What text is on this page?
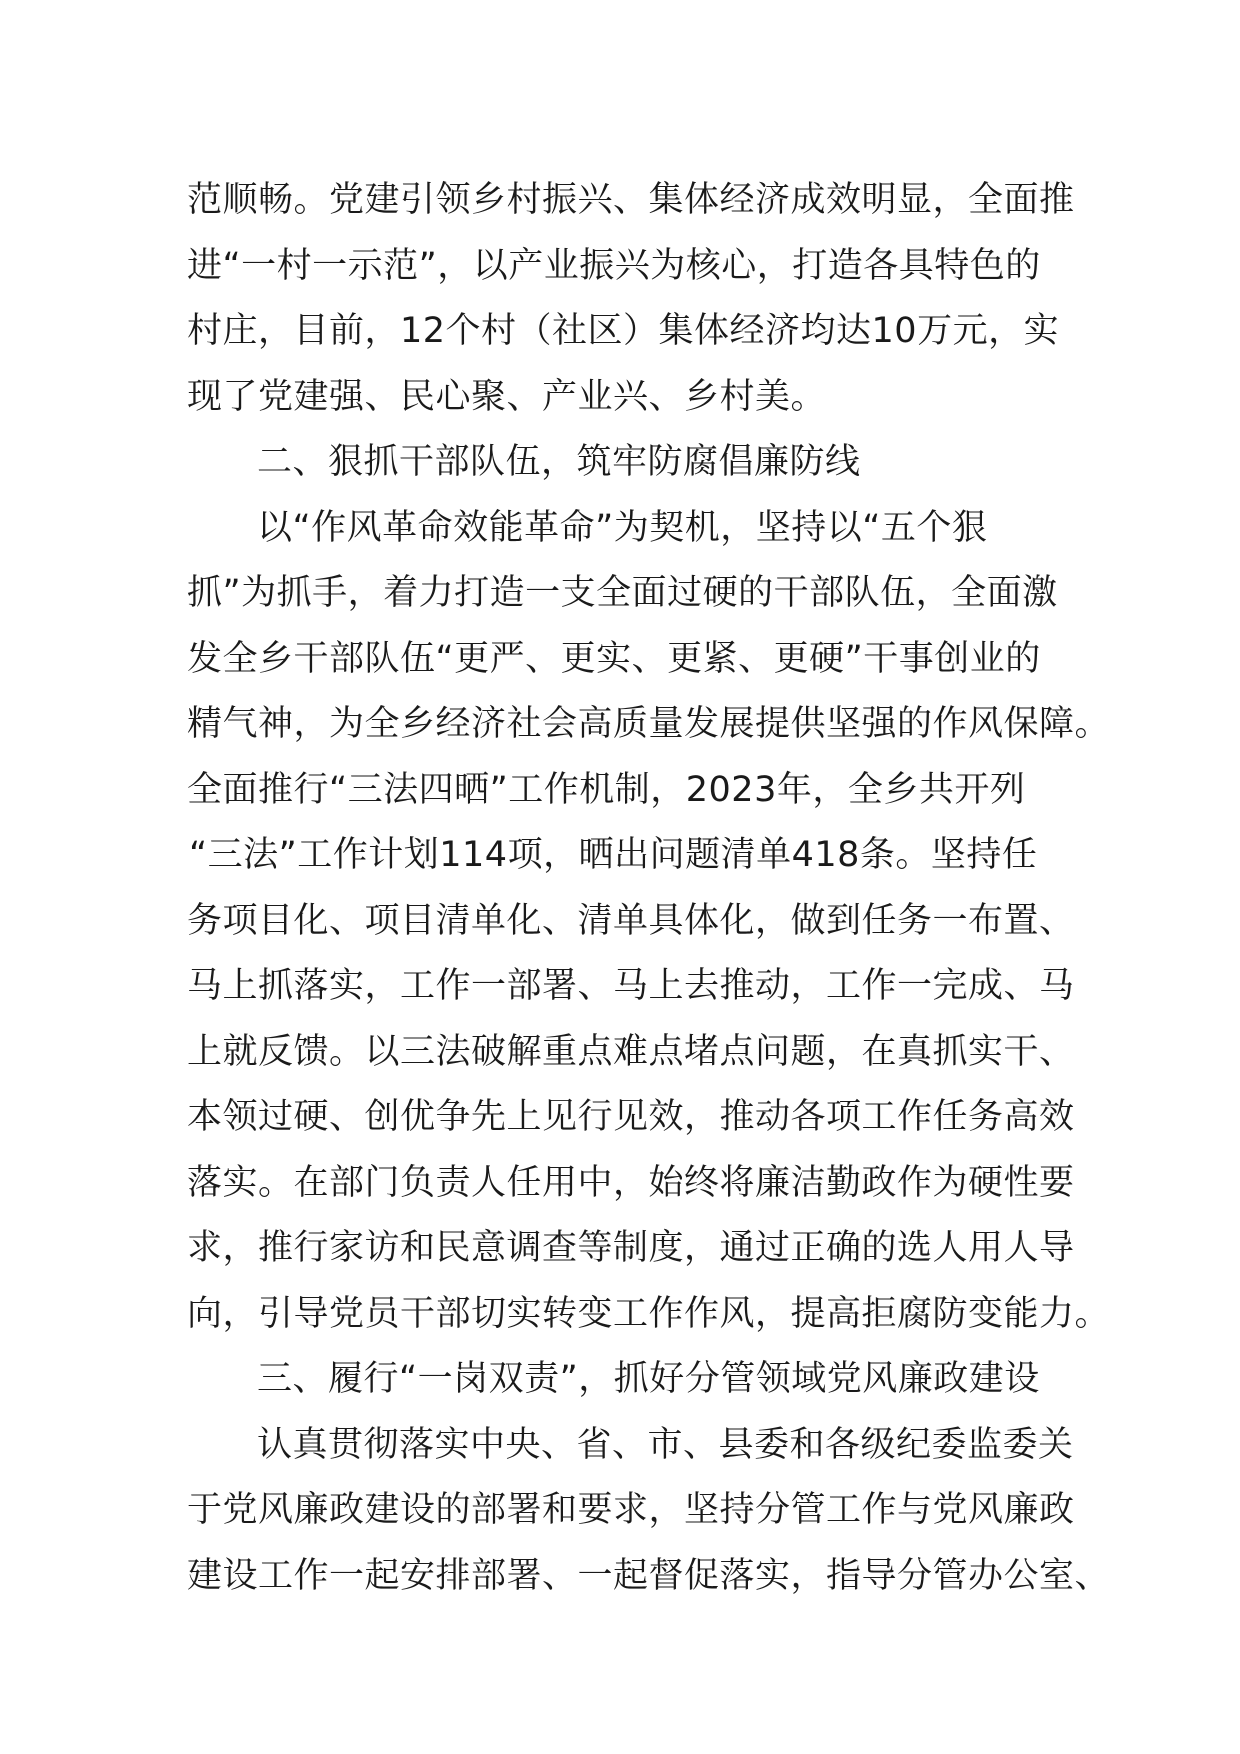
范顺畅。党建引领乡村振兴、集体经济成效明显，全面推
进“一村一示范”，以产业振兴为核心，打造各具特色的
村庄，目前，12个村（社区）集体经济均达10万元，实
现了党建强、民心聚、产业兴、乡村美。
二、狠抓干部队伍，筑牢防腐倡廉防线
以“作风革命效能革命”为契机，坚持以“五个狠
抓”为抓手，着力打造一支全面过硬的干部队伍，全面激
发全乡干部队伍“更严、更实、更紧、更硬”干事创业的
精气神，为全乡经济社会高质量发展提供坚强的作风保障。
全面推行“三法四晒”工作机制，2023年，全乡共开列
“三法”工作计划114项，晒出问题清单418条。坚持任
务项目化、项目清单化、清单具体化，做到任务一布置、
马上抓落实，工作一部署、马上去推动，工作一完成、马
上就反馈。以三法破解重点难点堵点问题，在真抓实干、
本领过硬、创优争先上见行见效，推动各项工作任务高效
落实。在部门负责人任用中，始终将廉洁勤政作为硬性要
求，推行家访和民意调查等制度，通过正确的选人用人导
向，引导党员干部切实转变工作作风，提高拒腐防变能力。
三、履行“一岗双责”，抓好分管领域党风廉政建设
认真贯彻落实中央、省、市、县委和各级纪委监委关
于党风廉政建设的部署和要求，坚持分管工作与党风廉政
建设工作一起安排部署、一起督促落实，指导分管办公室、
